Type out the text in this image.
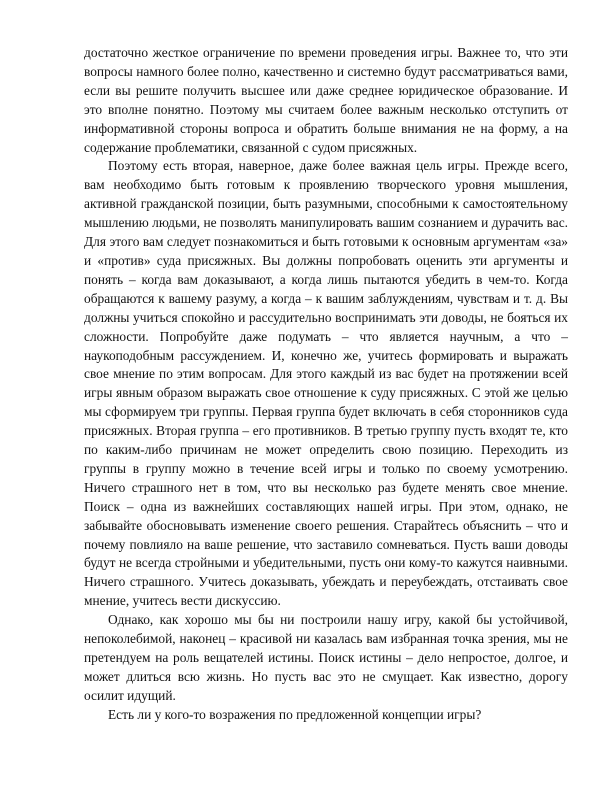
достаточно жесткое ограничение по времени проведения игры. Важнее то, что эти вопросы намного более полно, качественно и системно будут рассматриваться вами, если вы решите получить высшее или даже среднее юридическое образование. И это вполне понятно. Поэтому мы считаем более важным несколько отступить от информативной стороны вопроса и обратить больше внимания не на форму, а на содержание проблематики, связанной с судом присяжных.

Поэтому есть вторая, наверное, даже более важная цель игры. Прежде всего, вам необходимо быть готовым к проявлению творческого уровня мышления, активной гражданской позиции, быть разумными, способными к самостоятельному мышлению людьми, не позволять манипулировать вашим сознанием и дурачить вас. Для этого вам следует познакомиться и быть готовыми к основным аргументам «за» и «против» суда присяжных. Вы должны попробовать оценить эти аргументы и понять – когда вам доказывают, а когда лишь пытаются убедить в чем-то. Когда обращаются к вашему разуму, а когда – к вашим заблуждениям, чувствам и т. д. Вы должны учиться спокойно и рассудительно воспринимать эти доводы, не бояться их сложности. Попробуйте даже подумать – что является научным, а что – наукоподобным рассуждением. И, конечно же, учитесь формировать и выражать свое мнение по этим вопросам. Для этого каждый из вас будет на протяжении всей игры явным образом выражать свое отношение к суду присяжных. С этой же целью мы сформируем три группы. Первая группа будет включать в себя сторонников суда присяжных. Вторая группа – его противников. В третью группу пусть входят те, кто по каким-либо причинам не может определить свою позицию. Переходить из группы в группу можно в течение всей игры и только по своему усмотрению. Ничего страшного нет в том, что вы несколько раз будете менять свое мнение. Поиск – одна из важнейших составляющих нашей игры. При этом, однако, не забывайте обосновывать изменение своего решения. Старайтесь объяснить – что и почему повлияло на ваше решение, что заставило сомневаться. Пусть ваши доводы будут не всегда стройными и убедительными, пусть они кому-то кажутся наивными. Ничего страшного. Учитесь доказывать, убеждать и переубеждать, отстаивать свое мнение, учитесь вести дискуссию.

Однако, как хорошо мы бы ни построили нашу игру, какой бы устойчивой, непоколебимой, наконец – красивой ни казалась вам избранная точка зрения, мы не претендуем на роль вещателей истины. Поиск истины – дело непростое, долгое, и может длиться всю жизнь. Но пусть вас это не смущает. Как известно, дорогу осилит идущий.

Есть ли у кого-то возражения по предложенной концепции игры?
